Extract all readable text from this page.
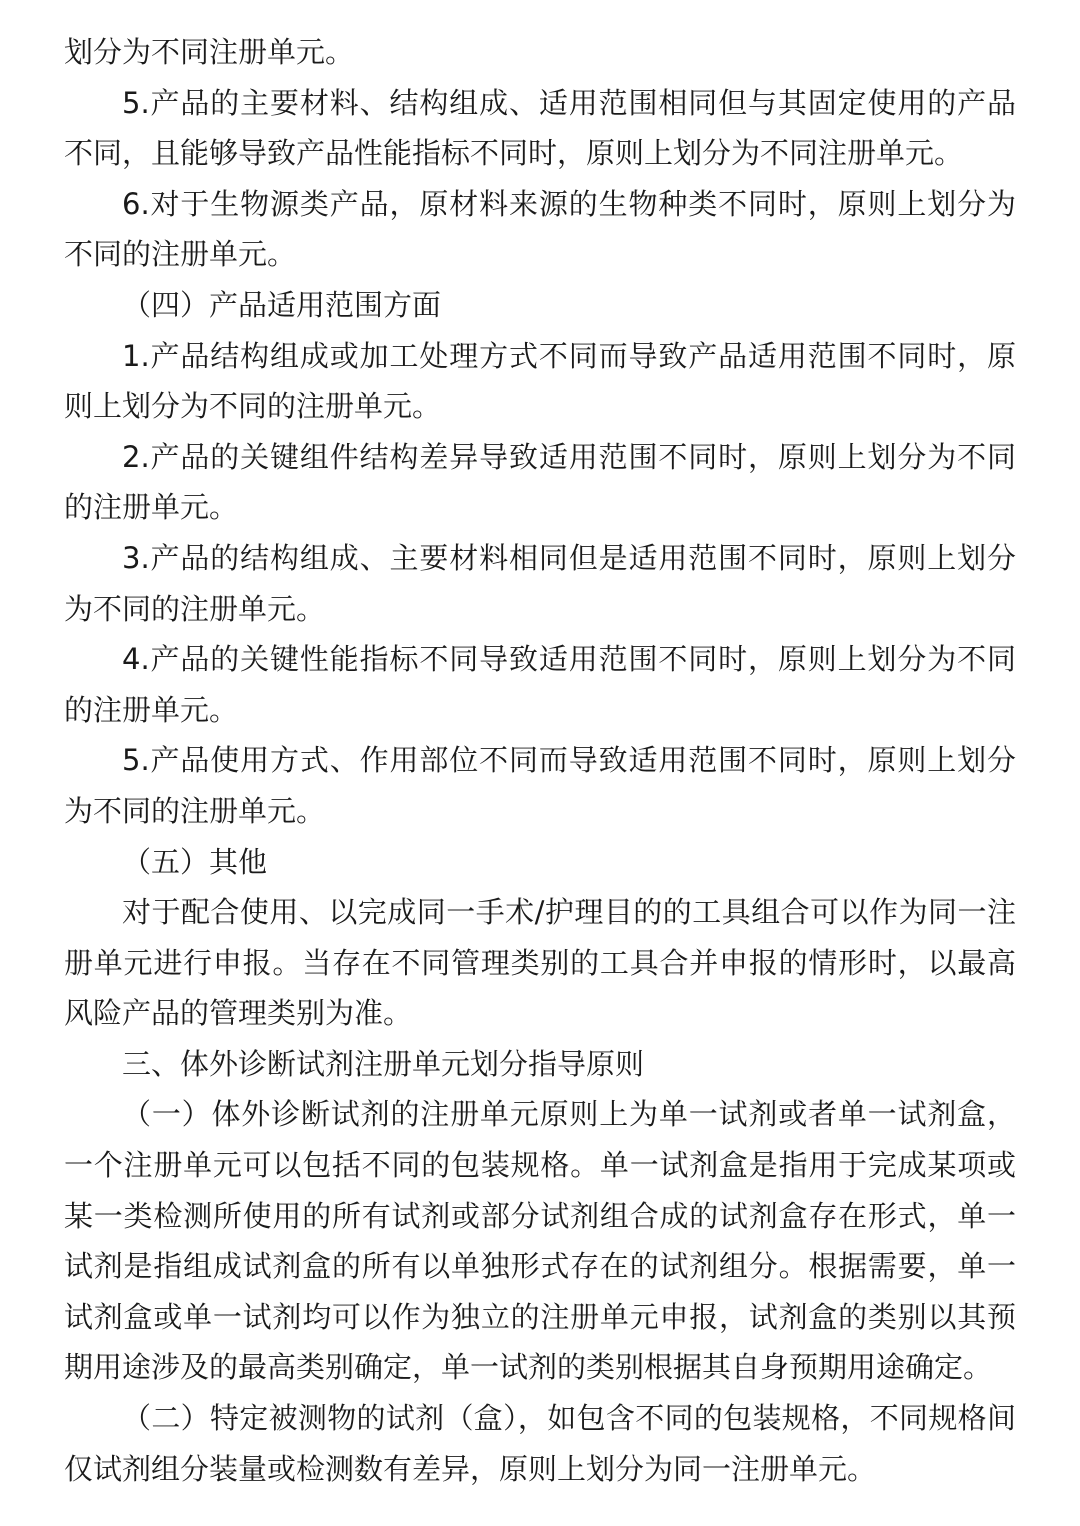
划分为不同注册单元。

5.产品的主要材料、结构组成、适用范围相同但与其固定使用的产品不同，且能够导致产品性能指标不同时，原则上划分为不同注册单元。

6.对于生物源类产品，原材料来源的生物种类不同时，原则上划分为不同的注册单元。

（四）产品适用范围方面

1.产品结构组成或加工处理方式不同而导致产品适用范围不同时，原则上划分为不同的注册单元。

2.产品的关键组件结构差异导致适用范围不同时，原则上划分为不同的注册单元。

3.产品的结构组成、主要材料相同但是适用范围不同时，原则上划分为不同的注册单元。

4.产品的关键性能指标不同导致适用范围不同时，原则上划分为不同的注册单元。

5.产品使用方式、作用部位不同而导致适用范围不同时，原则上划分为不同的注册单元。

（五）其他

对于配合使用、以完成同一手术/护理目的的工具组合可以作为同一注册单元进行申报。当存在不同管理类别的工具合并申报的情形时，以最高风险产品的管理类别为准。

三、体外诊断试剂注册单元划分指导原则

（一）体外诊断试剂的注册单元原则上为单一试剂或者单一试剂盒，一个注册单元可以包括不同的包装规格。单一试剂盒是指用于完成某项或某一类检测所使用的所有试剂或部分试剂组合成的试剂盒存在形式，单一试剂是指组成试剂盒的所有以单独形式存在的试剂组分。根据需要，单一试剂盒或单一试剂均可以作为独立的注册单元申报，试剂盒的类别以其预期用途涉及的最高类别确定，单一试剂的类别根据其自身预期用途确定。

（二）特定被测物的试剂（盒），如包含不同的包装规格，不同规格间仅试剂组分装量或检测数有差异，原则上划分为同一注册单元。
